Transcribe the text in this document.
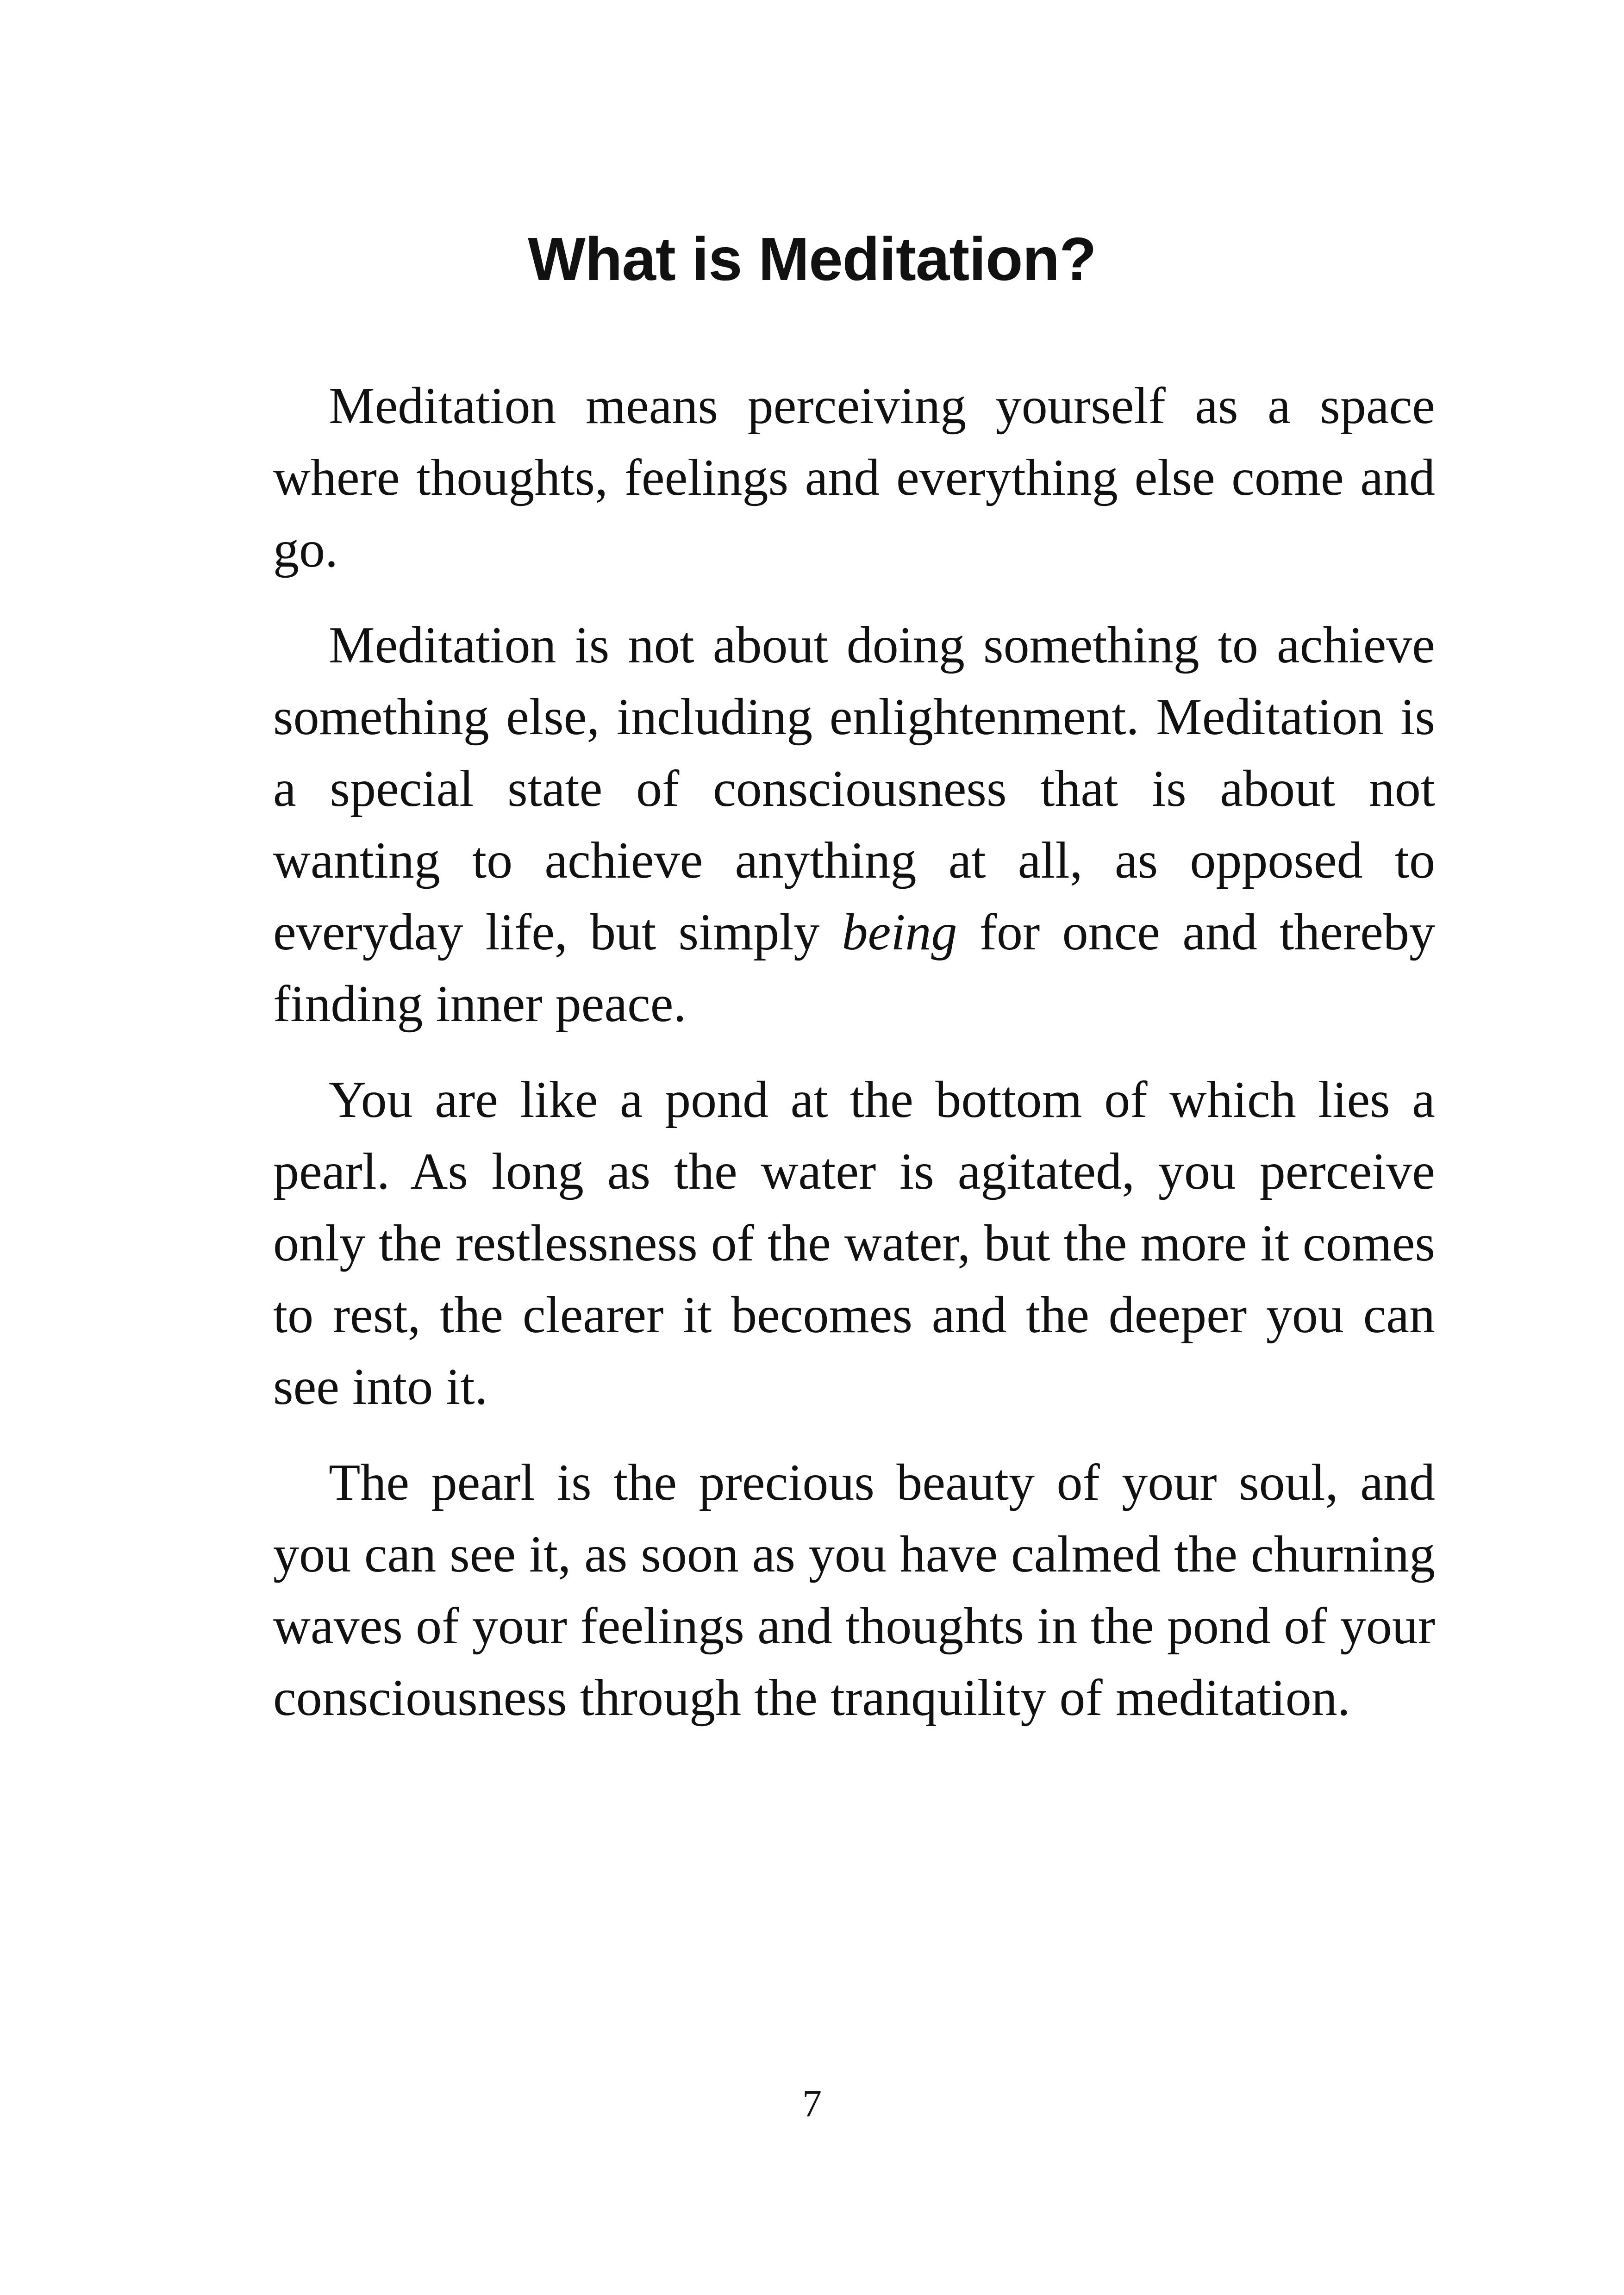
What is Meditation?

Meditation means perceiving yourself as a space where thoughts, feelings and everything else come and go.

Meditation is not about doing something to achieve something else, including enlightenment. Meditation is a special state of consciousness that is about not wanting to achieve anything at all, as opposed to everyday life, but simply being for once and thereby finding inner peace.

You are like a pond at the bottom of which lies a pearl. As long as the water is agitated, you perceive only the restlessness of the water, but the more it comes to rest, the clearer it becomes and the deeper you can see into it.

The pearl is the precious beauty of your soul, and you can see it, as soon as you have calmed the churning waves of your feelings and thoughts in the pond of your consciousness through the tranquility of meditation.

7
